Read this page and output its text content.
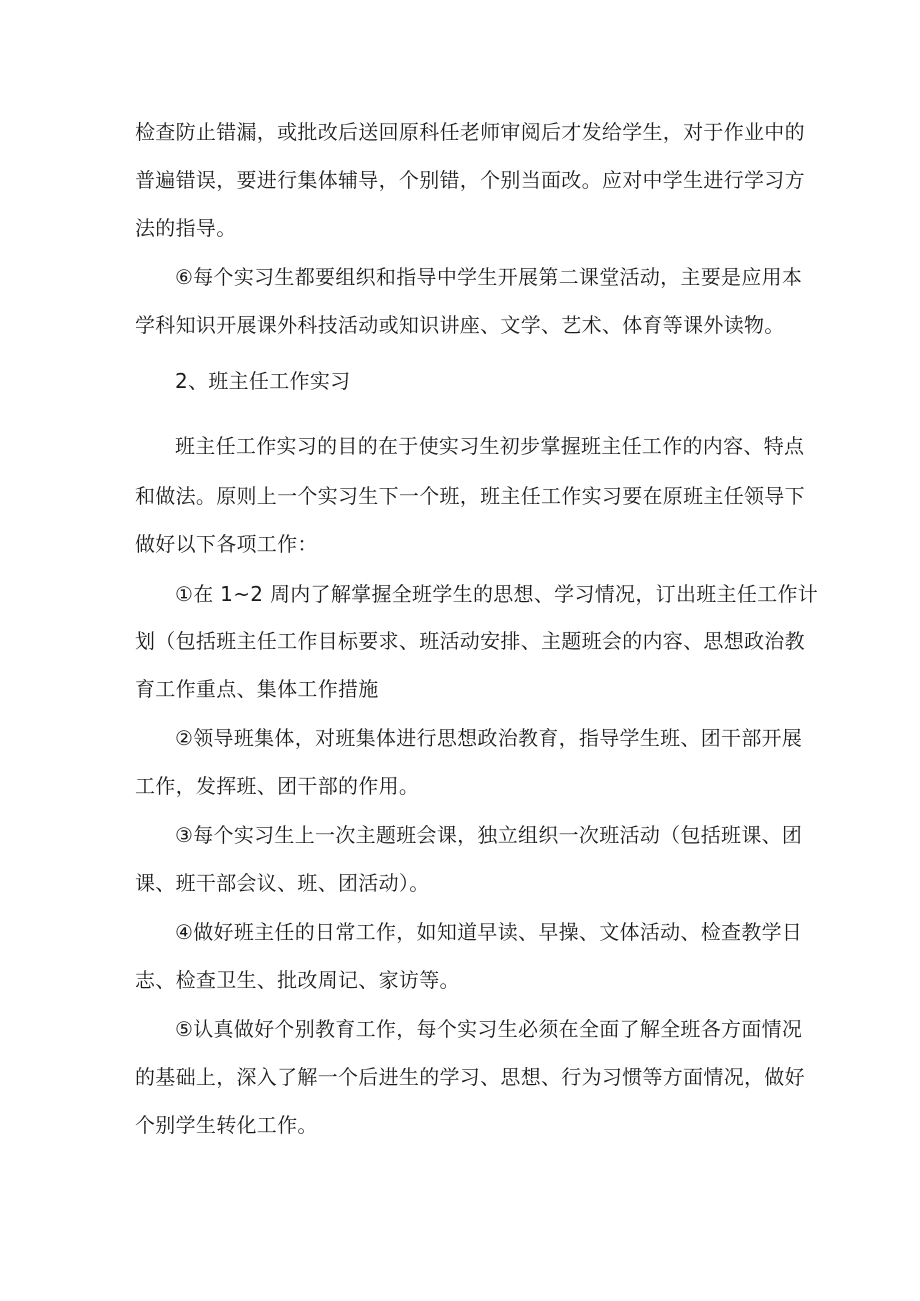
检查防止错漏，或批改后送回原科任老师审阅后才发给学生，对于作业中的
普遍错误，要进行集体辅导，个别错，个别当面改。应对中学生进行学习方
法的指导。
⑥每个实习生都要组织和指导中学生开展第二课堂活动，主要是应用本
学科知识开展课外科技活动或知识讲座、文学、艺术、体育等课外读物。
2、班主任工作实习
班主任工作实习的目的在于使实习生初步掌握班主任工作的内容、特点
和做法。原则上一个实习生下一个班，班主任工作实习要在原班主任领导下
做好以下各项工作：
①在 1~2 周内了解掌握全班学生的思想、学习情况，订出班主任工作计
划（包括班主任工作目标要求、班活动安排、主题班会的内容、思想政治教
育工作重点、集体工作措施
②领导班集体，对班集体进行思想政治教育，指导学生班、团干部开展
工作，发挥班、团干部的作用。
③每个实习生上一次主题班会课，独立组织一次班活动（包括班课、团
课、班干部会议、班、团活动）。
④做好班主任的日常工作，如知道早读、早操、文体活动、检查教学日
志、检查卫生、批改周记、家访等。
⑤认真做好个别教育工作，每个实习生必须在全面了解全班各方面情况
的基础上，深入了解一个后进生的学习、思想、行为习惯等方面情况，做好
个别学生转化工作。
